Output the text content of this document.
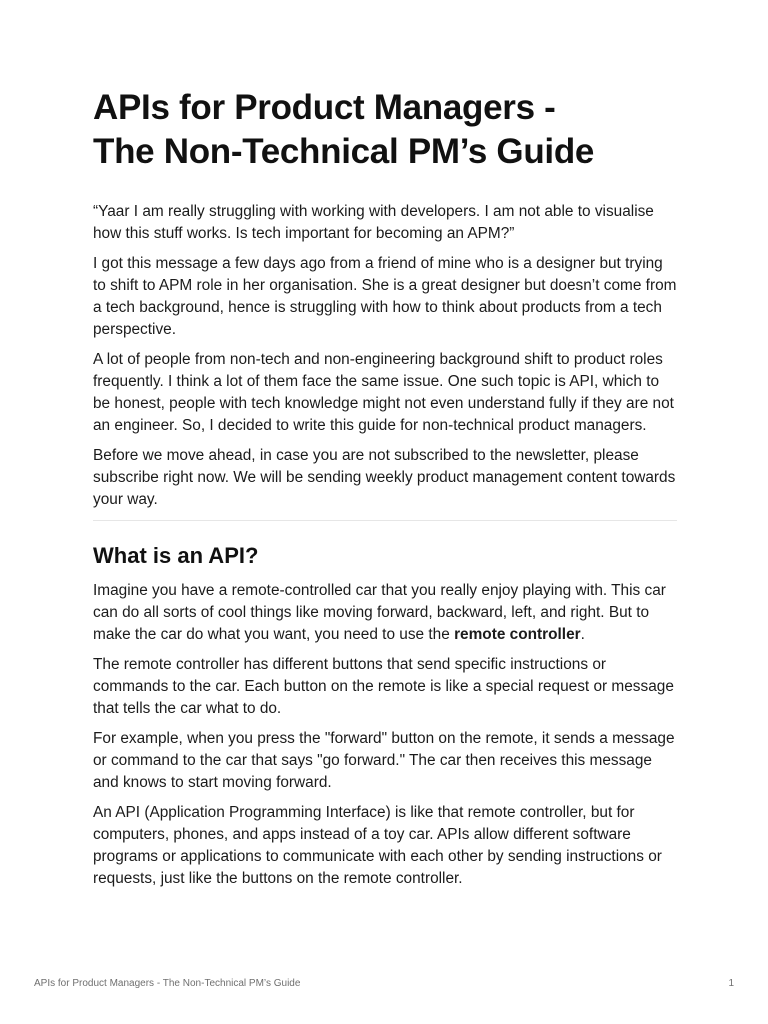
APIs for Product Managers -
The Non-Technical PM’s Guide

“Yaar I am really struggling with working with developers. I am not able to visualise how this stuff works. Is tech important for becoming an APM?”

I got this message a few days ago from a friend of mine who is a designer but trying to shift to APM role in her organisation. She is a great designer but doesn’t come from a tech background, hence is struggling with how to think about products from a tech perspective.

A lot of people from non-tech and non-engineering background shift to product roles frequently. I think a lot of them face the same issue. One such topic is API, which to be honest, people with tech knowledge might not even understand fully if they are not an engineer. So, I decided to write this guide for non-technical product managers.

Before we move ahead, in case you are not subscribed to the newsletter, please subscribe right now. We will be sending weekly product management content towards your way.

What is an API?

Imagine you have a remote-controlled car that you really enjoy playing with. This car can do all sorts of cool things like moving forward, backward, left, and right. But to make the car do what you want, you need to use the remote controller.

The remote controller has different buttons that send specific instructions or commands to the car. Each button on the remote is like a special request or message that tells the car what to do.

For example, when you press the "forward" button on the remote, it sends a message or command to the car that says "go forward." The car then receives this message and knows to start moving forward.

An API (Application Programming Interface) is like that remote controller, but for computers, phones, and apps instead of a toy car. APIs allow different software programs or applications to communicate with each other by sending instructions or requests, just like the buttons on the remote controller.

APIs for Product Managers - The Non-Technical PM’s Guide	1
